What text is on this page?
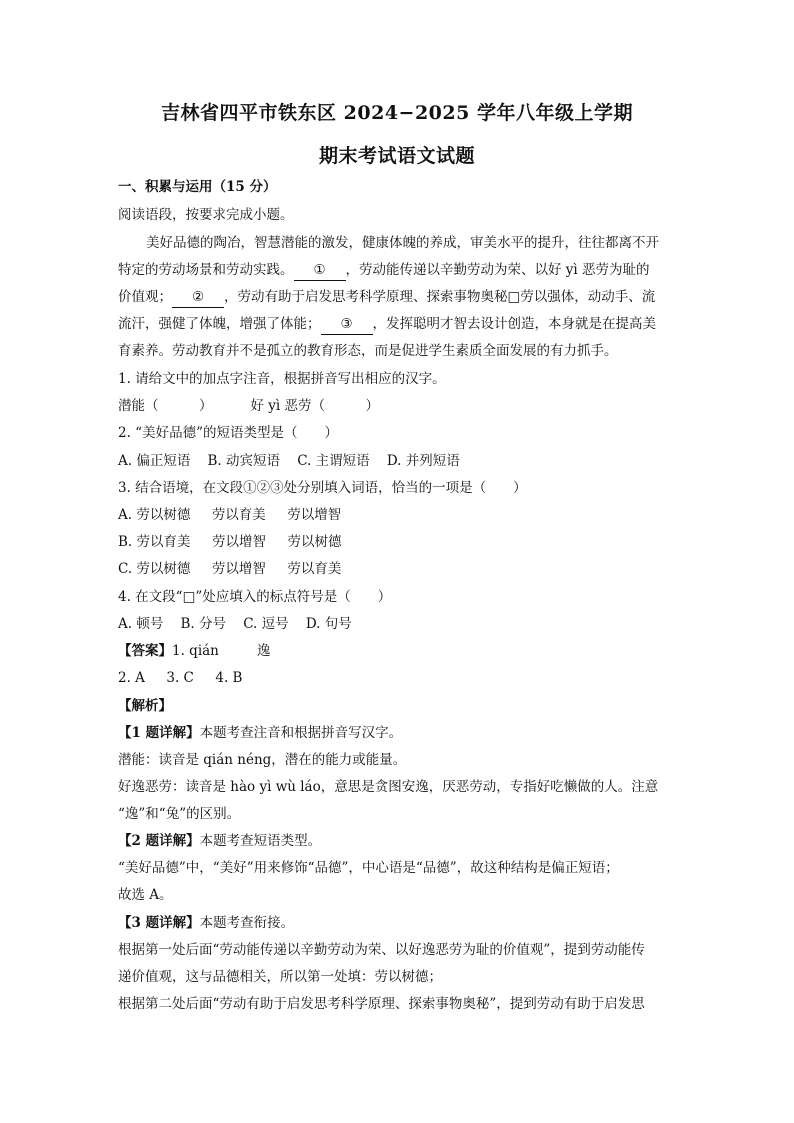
吉林省四平市铁东区 2024−2025 学年八年级上学期
期末考试语文试题
一、积累与运用（15 分）
阅读语段，按要求完成小题。
美好品德的陶冶，智慧潜能的激发，健康体魄的养成，审美水平的提升，往往都离不开
特定的劳动场景和劳动实践。 ① ，劳动能传递以辛勤劳动为荣、以好 yì 恶劳为耻的
价值观； ② ，劳动有助于启发思考科学原理、探索事物奥秘□劳以强体，动动手、流
流汗，强健了体魄，增强了体能； ③ ，发挥聪明才智去设计创造，本身就是在提高美
育素养。劳动教育并不是孤立的教育形态，而是促进学生素质全面发展的有力抓手。
1. 请给文中的加点字注音，根据拼音写出相应的汉字。
潜能（　　　）	好 yì 恶劳（　　　）
2. “美好品德”的短语类型是（　　）
A. 偏正短语 B. 动宾短语 C. 主谓短语 D. 并列短语
3. 结合语境，在文段①②③处分别填入词语，恰当的一项是（　　）
A. 劳以树德 劳以育美 劳以增智
B. 劳以育美 劳以增智 劳以树德
C. 劳以树德 劳以增智 劳以育美
4. 在文段“□”处应填入的标点符号是（　　）
A. 顿号 B. 分号 C. 逗号 D. 句号
【答案】1. qián	逸
2. A 3. C 4. B
【解析】
【1 题详解】本题考查注音和根据拼音写汉字。
潜能：读音是 qián néng，潜在的能力或能量。
好逸恶劳：读音是 hào yì wù láo，意思是贪图安逸，厌恶劳动，专指好吃懒做的人。注意
“逸”和“兔”的区别。
【2 题详解】本题考查短语类型。
“美好品德”中，“美好”用来修饰“品德”，中心语是“品德”，故这种结构是偏正短语；
故选 A。
【3 题详解】本题考查衔接。
根据第一处后面“劳动能传递以辛勤劳动为荣、以好逸恶劳为耻的价值观”，提到劳动能传
递价值观，这与品德相关，所以第一处填：劳以树德；
根据第二处后面“劳动有助于启发思考科学原理、探索事物奥秘”，提到劳动有助于启发思
